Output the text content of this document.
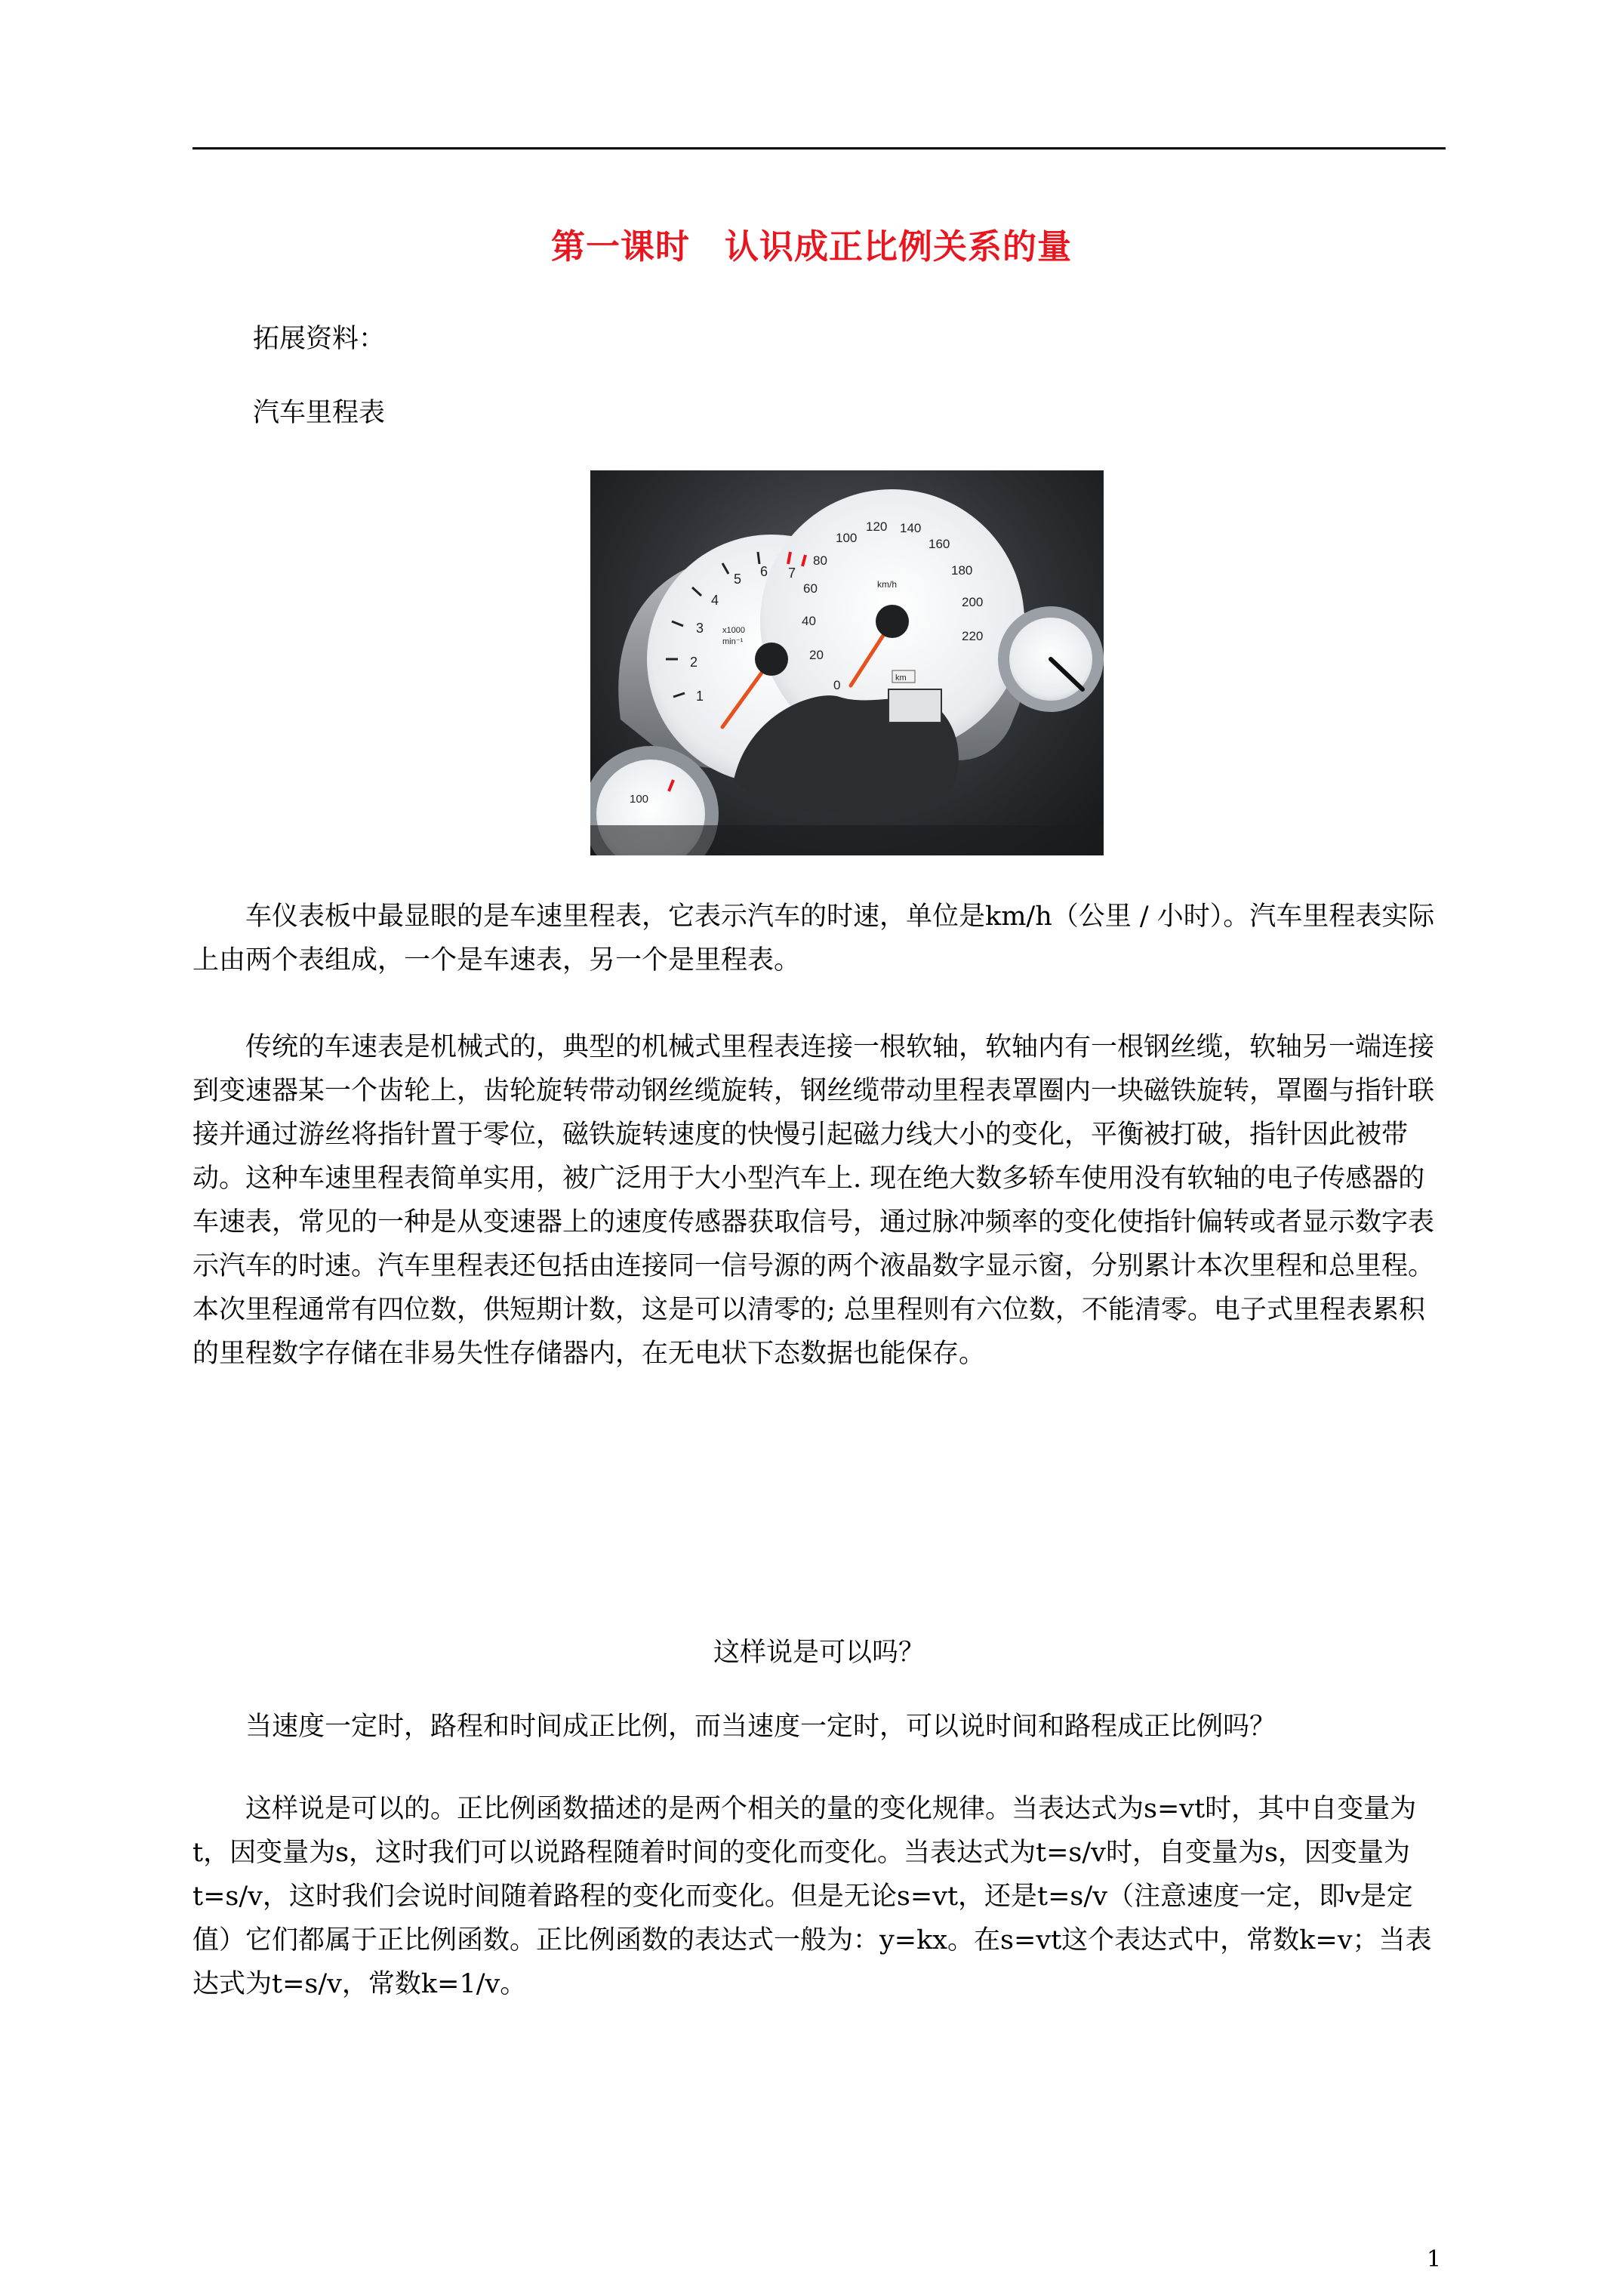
第一课时　认识成正比例关系的量

拓展资料：

汽车里程表

1
2
3
4
5 6 7
x1000
min⁻¹
0
20
40
60
80
100
120 140
160
180
200
220
km/h
km
100

车仪表板中最显眼的是车速里程表，它表示汽车的时速，单位是km/h（公里 / 小时）。汽车里程表实际上由两个表组成，一个是车速表，另一个是里程表。

传统的车速表是机械式的，典型的机械式里程表连接一根软轴，软轴内有一根钢丝缆，软轴另一端连接到变速器某一个齿轮上，齿轮旋转带动钢丝缆旋转，钢丝缆带动里程表罩圈内一块磁铁旋转，罩圈与指针联接并通过游丝将指针置于零位，磁铁旋转速度的快慢引起磁力线大小的变化，平衡被打破，指针因此被带动。这种车速里程表简单实用，被广泛用于大小型汽车上. 现在绝大数多轿车使用没有软轴的电子传感器的车速表，常见的一种是从变速器上的速度传感器获取信号，通过脉冲频率的变化使指针偏转或者显示数字表示汽车的时速。汽车里程表还包括由连接同一信号源的两个液晶数字显示窗，分别累计本次里程和总里程。本次里程通常有四位数，供短期计数，这是可以清零的; 总里程则有六位数，不能清零。电子式里程表累积的里程数字存储在非易失性存储器内，在无电状下态数据也能保存。

这样说是可以吗？

当速度一定时，路程和时间成正比例，而当速度一定时，可以说时间和路程成正比例吗？

这样说是可以的。正比例函数描述的是两个相关的量的变化规律。当表达式为s=vt时，其中自变量为t，因变量为s，这时我们可以说路程随着时间的变化而变化。当表达式为t=s/v时，自变量为s，因变量为t=s/v，这时我们会说时间随着路程的变化而变化。但是无论s=vt，还是t=s/v（注意速度一定，即v是定值）它们都属于正比例函数。正比例函数的表达式一般为：y=kx。在s=vt这个表达式中，常数k=v；当表达式为t=s/v，常数k=1/v。

1
